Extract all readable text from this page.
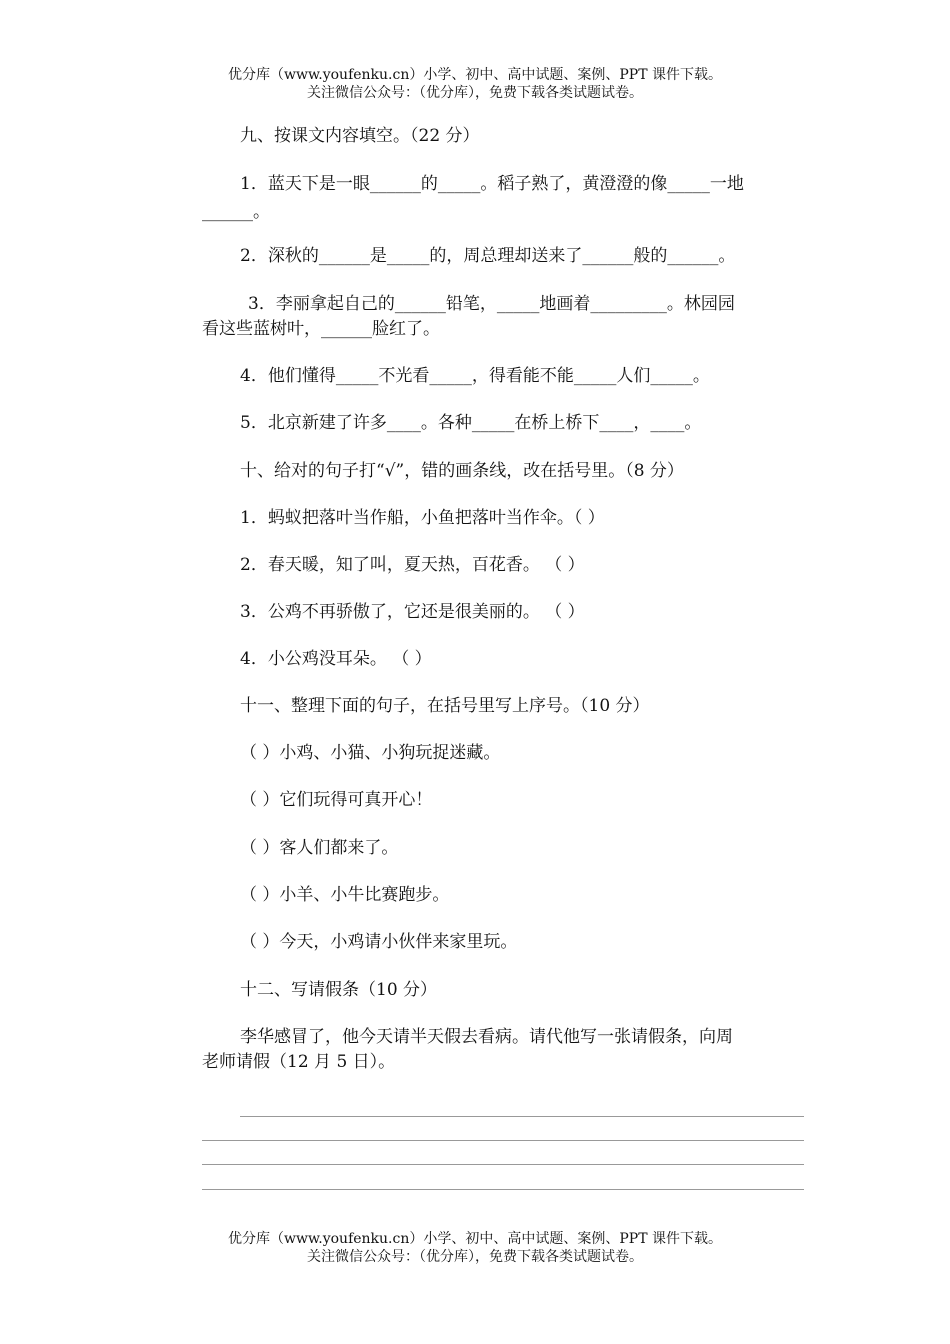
优分库（www.youfenku.cn）小学、初中、高中试题、案例、PPT 课件下载。
关注微信公众号：（优分库），免费下载各类试题试卷。
九、按课文内容填空。（22 分）
1．蓝天下是一眼______的_____。稻子熟了，黄澄澄的像_____一地
______。
2．深秋的______是_____的，周总理却送来了______般的______。
3．李丽拿起自己的______铅笔，_____地画着_________。林园园
看这些蓝树叶，______脸红了。
4．他们懂得_____不光看_____，得看能不能_____人们_____。
5．北京新建了许多____。各种_____在桥上桥下____，____。
十、给对的句子打“√”，错的画条线，改在括号里。（8 分）
1．蚂蚁把落叶当作船，小鱼把落叶当作伞。（ ）
2．春天暖，知了叫，夏天热，百花香。 （ ）
3．公鸡不再骄傲了，它还是很美丽的。 （ ）
4．小公鸡没耳朵。 （ ）
十一、整理下面的句子，在括号里写上序号。（10 分）
（ ）小鸡、小猫、小狗玩捉迷藏。
（ ）它们玩得可真开心！
（ ）客人们都来了。
（ ）小羊、小牛比赛跑步。
（ ）今天，小鸡请小伙伴来家里玩。
十二、写请假条（10 分）
李华感冒了，他今天请半天假去看病。请代他写一张请假条，向周
老师请假（12 月 5 日）。
优分库（www.youfenku.cn）小学、初中、高中试题、案例、PPT 课件下载。
关注微信公众号：（优分库），免费下载各类试题试卷。
